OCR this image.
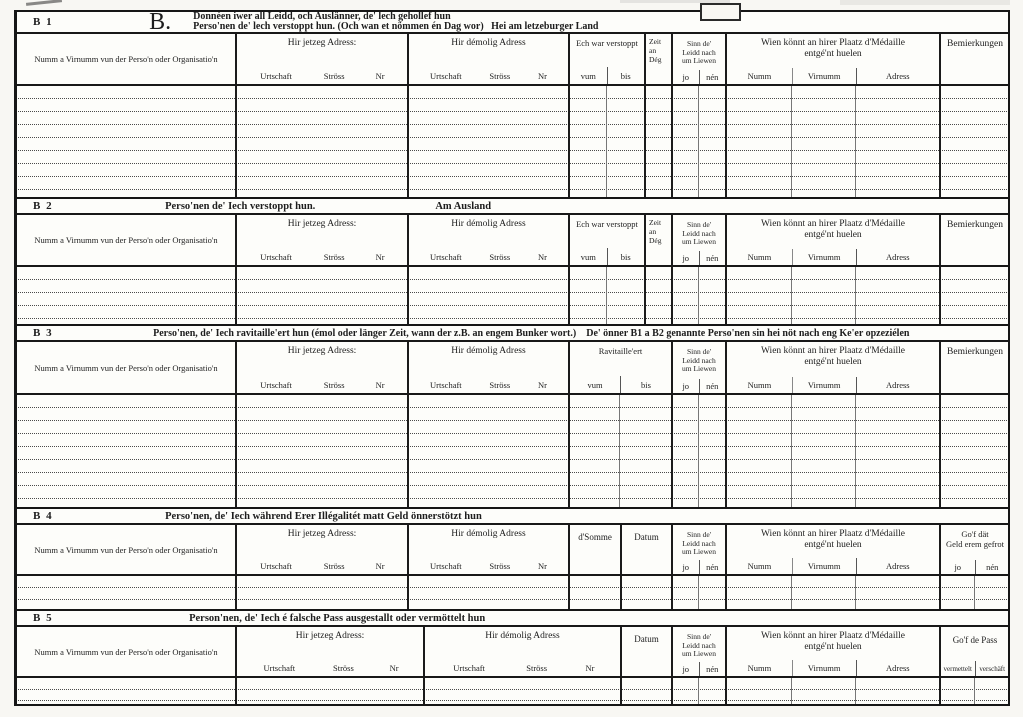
B 1	B. Donnéen iwer all Leidd, och Auslänner, de' lech gehollef hun
Perso'nen de' lech verstoppt hun. (Och wan et nömmen én Dag wor) Hei am letzeburger Land
Numm a Virnumm vun der Perso'n oder Organisatio'n
Hir jetzeg Adress:
Urtschaft	Ströss	Nr
Hir démolig Adress
Urtschaft	Ströss	Nr
Ech war verstoppt
vum	bis
Zeit
an
Dég
Sinn de'
Leidd nach
um Liewen
jo	nén
Wien könnt an hirer Plaatz d'Médaille
entgé'nt huelen
Numm	Virnumm	Adress
Bemierkungen
B 2	Perso'nen de' Iech verstoppt hun.	Am Ausland
Numm a Virnumm vun der Perso'n oder Organisatio'n
Hir jetzeg Adress:
Urtschaft	Ströss	Nr
Hir démolig Adress
Urtschaft	Ströss	Nr
Ech war verstoppt
vum	bis
Zeit
an
Dég
Sinn de'
Leidd nach
um Liewen
jo	nén
Wien könnt an hirer Plaatz d'Médaille
entgé'nt huelen
Numm	Virnumm	Adress
Bemierkungen
B 3	Perso'nen, de' Iech ravitaille'ert hun (émol oder länger Zeit, wann der z.B. an engem Bunker wort.) De' önner B1 a B2 genannte Perso'nen sin hei nöt nach eng Ke'er opzeziélen
Numm a Virnumm vun der Perso'n oder Organisatio'n
Hir jetzeg Adress:
Urtschaft	Ströss	Nr
Hir démolig Adress
Urtschaft	Ströss	Nr
Ravitaille'ert
vum	bis
Sinn de'
Leidd nach
um Liewen
jo	nén
Wien könnt an hirer Plaatz d'Médaille
entgé'nt huelen
Numm	Virnumm	Adress
Bemierkungen
B 4	Perso'nen, de' Iech während Erer Illégalitét matt Geld önnerstötzt hun
Numm a Virnumm vun der Perso'n oder Organisatio'n
Hir jetzeg Adress:
Urtschaft	Ströss	Nr
Hir démolig Adress
Urtschaft	Ströss	Nr
d'Somme	Datum	Sinn de'
Leidd nach
um Liewen
jo	nén
Wien könnt an hirer Plaatz d'Médaille
entgé'nt huelen
Numm	Virnumm	Adress
Go'f dät
Geld erem gefrot
jo	nén
B 5	Person'nen, de' Iech é falsche Pass ausgestallt oder vermöttelt hun
Numm a Virnumm vun der Perso'n oder Organisatio'n
Hir jetzeg Adress:
Urtschaft	Ströss	Nr
Hir démolig Adress
Urtschaft	Ströss	Nr
Datum	Sinn de'
Leidd nach
um Liewen
jo	nén
Wien könnt an hirer Plaatz d'Médaille
entgé'nt huelen
Numm	Virnumm	Adress
Go'f de Pass
vermettelt	verschäft
